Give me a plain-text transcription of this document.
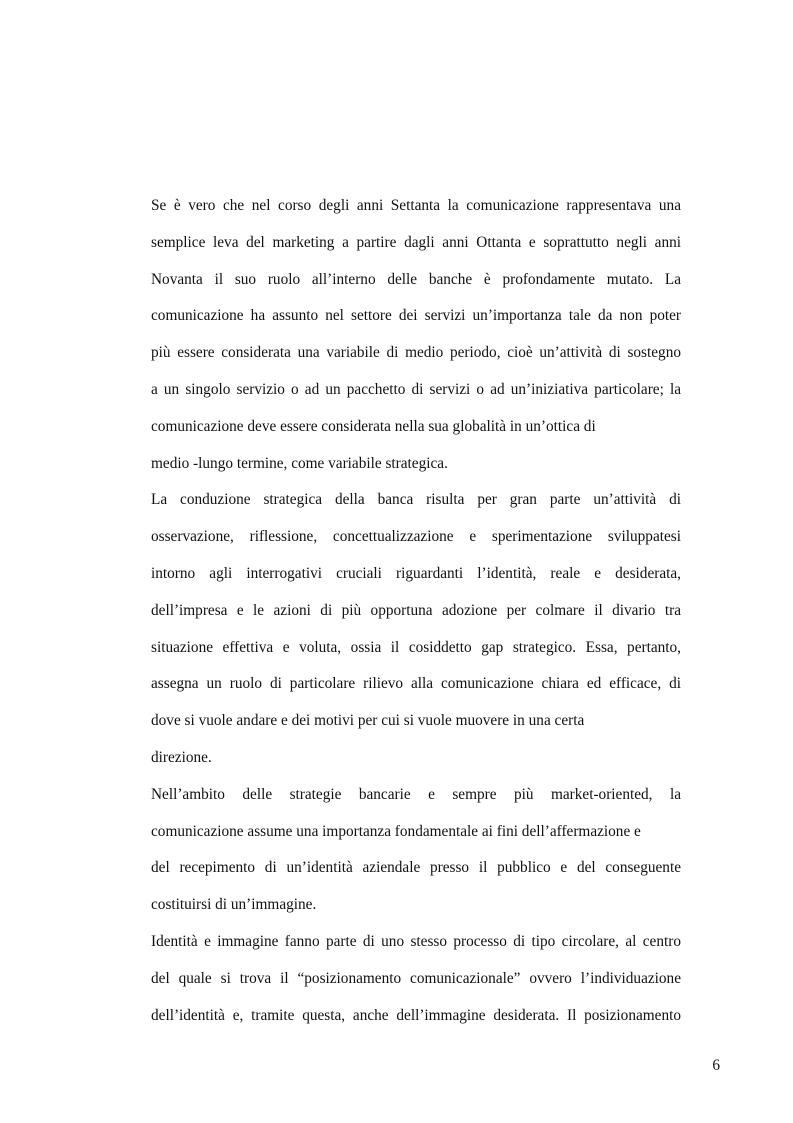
Se è vero che nel corso degli anni Settanta la comunicazione rappresentava una
semplice leva del marketing a partire dagli anni Ottanta e soprattutto negli anni
Novanta il suo ruolo all’interno delle banche è profondamente mutato. La
comunicazione ha assunto nel settore dei servizi un’importanza tale da non poter
più essere considerata una variabile di medio periodo, cioè un’attività di sostegno
a un singolo servizio o ad un pacchetto di servizi o ad un’iniziativa particolare; la
comunicazione deve essere considerata nella sua globalità in un’ottica di
medio -lungo termine, come variabile strategica.
La conduzione strategica della banca risulta per gran parte un’attività di
osservazione, riflessione, concettualizzazione e sperimentazione sviluppatesi
intorno agli interrogativi cruciali riguardanti l’identità, reale e desiderata,
dell’impresa e le azioni di più opportuna adozione per colmare il divario tra
situazione effettiva e voluta, ossia il cosiddetto gap strategico. Essa, pertanto,
assegna un ruolo di particolare rilievo alla comunicazione chiara ed efficace, di
dove si vuole andare e dei motivi per cui si vuole muovere in una certa
direzione.
Nell’ambito delle strategie bancarie e sempre più market-oriented, la
comunicazione assume una importanza fondamentale ai fini dell’affermazione e
del recepimento di un’identità aziendale presso il pubblico e del conseguente
costituirsi di un’immagine.
Identità e immagine fanno parte di uno stesso processo di tipo circolare, al centro
del quale si trova il “posizionamento comunicazionale” ovvero l’individuazione
dell’identità e, tramite questa, anche dell’immagine desiderata. Il posizionamento
6
